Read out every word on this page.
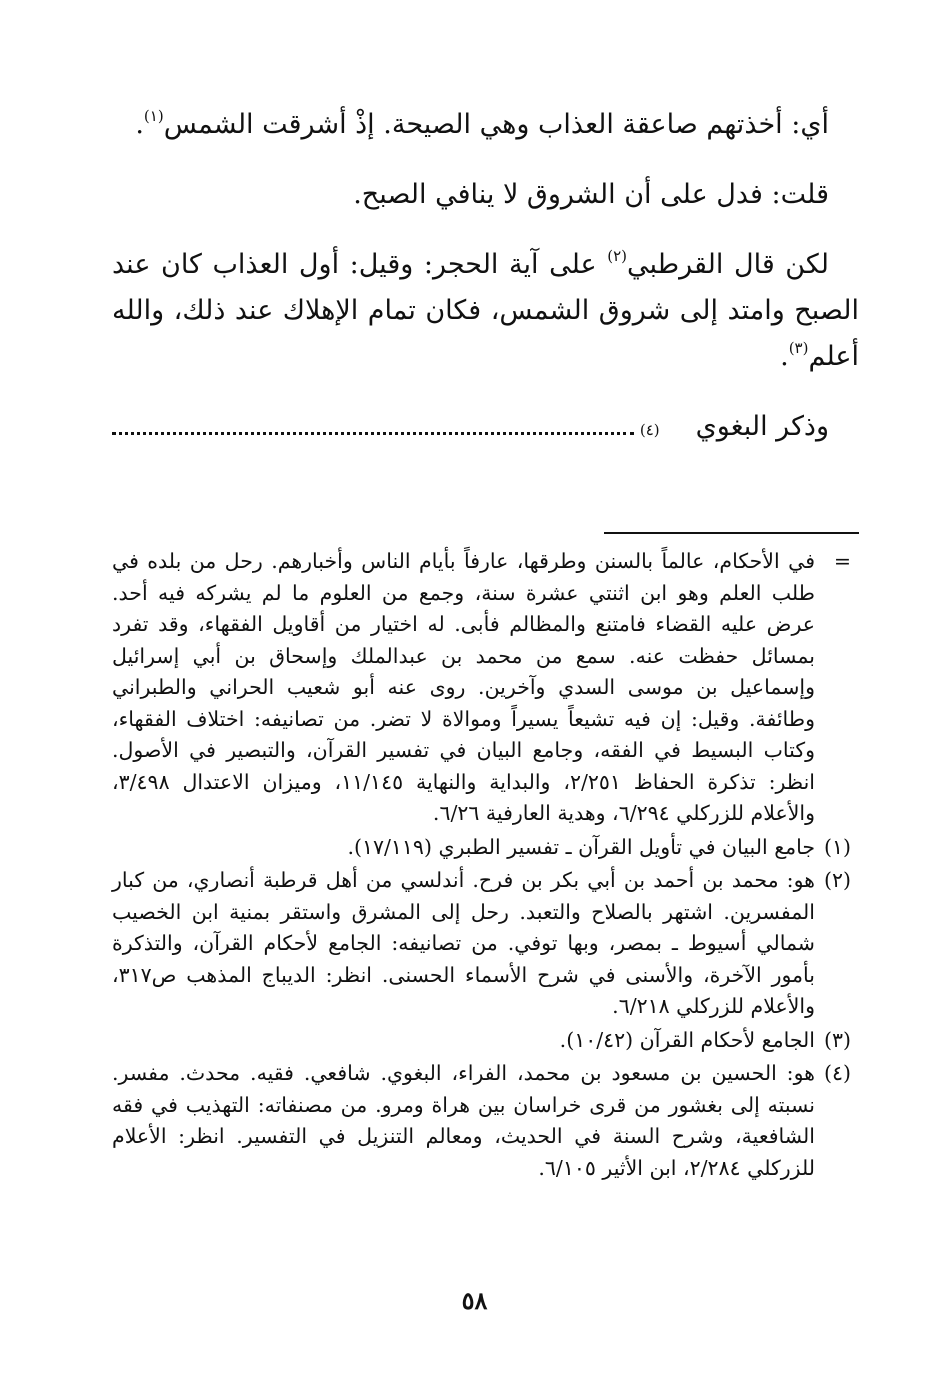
أي: أخذتهم صاعقة العذاب وهي الصيحة. إذْ أشرقت الشمس$^{(١)}$.

قلت: فدل على أن الشروق لا ينافي الصبح.

لكن قال القرطبي$^{(٢)}$ على آية الحجر: وقيل: أول العذاب كان عند الصبح وامتد إلى شروق الشمس، فكان تمام الإهلاك عند ذلك، والله أعلم$^{(٣)}$.

وذكر البغوي
(٤)
=
في الأحكام، عالماً بالسنن وطرقها، عارفاً بأيام الناس وأخبارهم. رحل من بلده في طلب العلم وهو ابن اثنتي عشرة سنة، وجمع من العلوم ما لم يشركه فيه أحد. عرض عليه القضاء فامتنع والمظالم فأبى. له اختيار من أقاويل الفقهاء، وقد تفرد بمسائل حفظت عنه. سمع من محمد بن عبدالملك وإسحاق بن أبي إسرائيل وإسماعيل بن موسى السدي وآخرين. روى عنه أبو شعيب الحراني والطبراني وطائفة. وقيل: إن فيه تشيعاً يسيراً وموالاة لا تضر. من تصانيفه: اختلاف الفقهاء، وكتاب البسيط في الفقه، وجامع البيان في تفسير القرآن، والتبصير في الأصول. انظر: تذكرة الحفاظ ٢/٢٥١، والبداية والنهاية ١١/١٤٥، وميزان الاعتدال ٣/٤٩٨، والأعلام للزركلي ٦/٢٩٤، وهدية العارفية ٦/٢٦.
(١)
جامع البيان في تأويل القرآن ـ تفسير الطبري (١٧/١١٩).
(٢)
هو: محمد بن أحمد بن أبي بكر بن فرح. أندلسي من أهل قرطبة أنصاري، من كبار المفسرين. اشتهر بالصلاح والتعبد. رحل إلى المشرق واستقر بمنية ابن الخصيب شمالي أسيوط ـ بمصر، وبها توفي. من تصانيفه: الجامع لأحكام القرآن، والتذكرة بأمور الآخرة، والأسنى في شرح الأسماء الحسنى. انظر: الديباج المذهب ص٣١٧، والأعلام للزركلي ٦/٢١٨.
(٣)
الجامع لأحكام القرآن (١٠/٤٢).
(٤)
هو: الحسين بن مسعود بن محمد، الفراء، البغوي. شافعي. فقيه. محدث. مفسر. نسبته إلى بغشور من قرى خراسان بين هراة ومرو. من مصنفاته: التهذيب في فقه الشافعية، وشرح السنة في الحديث، ومعالم التنزيل في التفسير. انظر: الأعلام للزركلي ٢/٢٨٤، ابن الأثير ٦/١٠٥.
٥٨
